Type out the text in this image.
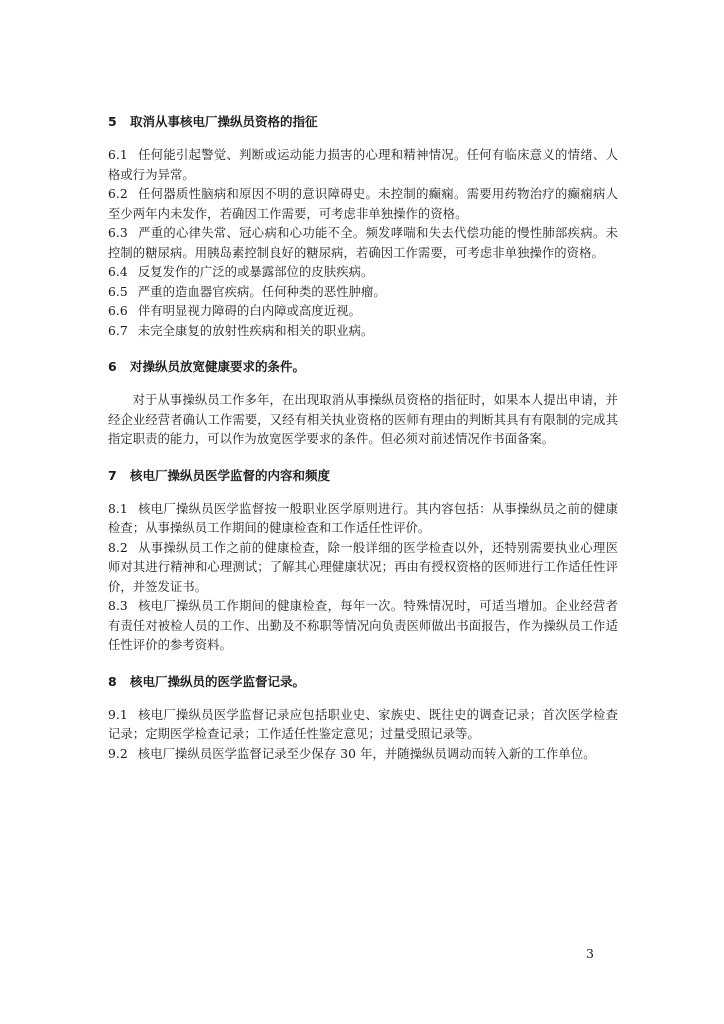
5 取消从事核电厂操纵员资格的指征

6.1 任何能引起警觉、判断或运动能力损害的心理和精神情况。任何有临床意义的情绪、人格或行为异常。

6.2 任何器质性脑病和原因不明的意识障碍史。未控制的癫痫。需要用药物治疗的癫痫病人至少两年内未发作，若确因工作需要，可考虑非单独操作的资格。

6.3 严重的心律失常、冠心病和心功能不全。频发哮喘和失去代偿功能的慢性肺部疾病。未控制的糖尿病。用胰岛素控制良好的糖尿病，若确因工作需要，可考虑非单独操作的资格。

6.4 反复发作的广泛的或暴露部位的皮肤疾病。

6.5 严重的造血器官疾病。任何种类的恶性肿瘤。

6.6 伴有明显视力障碍的白内障或高度近视。

6.7 未完全康复的放射性疾病和相关的职业病。

6 对操纵员放宽健康要求的条件。

对于从事操纵员工作多年，在出现取消从事操纵员资格的指征时，如果本人提出申请，并经企业经营者确认工作需要，又经有相关执业资格的医师有理由的判断其具有有限制的完成其指定职责的能力，可以作为放宽医学要求的条件。但必须对前述情况作书面备案。

7 核电厂操纵员医学监督的内容和频度

8.1 核电厂操纵员医学监督按一般职业医学原则进行。其内容包括：从事操纵员之前的健康检查；从事操纵员工作期间的健康检查和工作适任性评价。

8.2 从事操纵员工作之前的健康检查，除一般详细的医学检查以外，还特别需要执业心理医师对其进行精神和心理测试；了解其心理健康状况；再由有授权资格的医师进行工作适任性评价，并签发证书。

8.3 核电厂操纵员工作期间的健康检查，每年一次。特殊情况时，可适当增加。企业经营者有责任对被检人员的工作、出勤及不称职等情况向负责医师做出书面报告，作为操纵员工作适任性评价的参考资料。

8 核电厂操纵员的医学监督记录。

9.1 核电厂操纵员医学监督记录应包括职业史、家族史、既往史的调查记录；首次医学检查记录；定期医学检查记录；工作适任性鉴定意见；过量受照记录等。

9.2 核电厂操纵员医学监督记录至少保存 30 年，并随操纵员调动而转入新的工作单位。

3
